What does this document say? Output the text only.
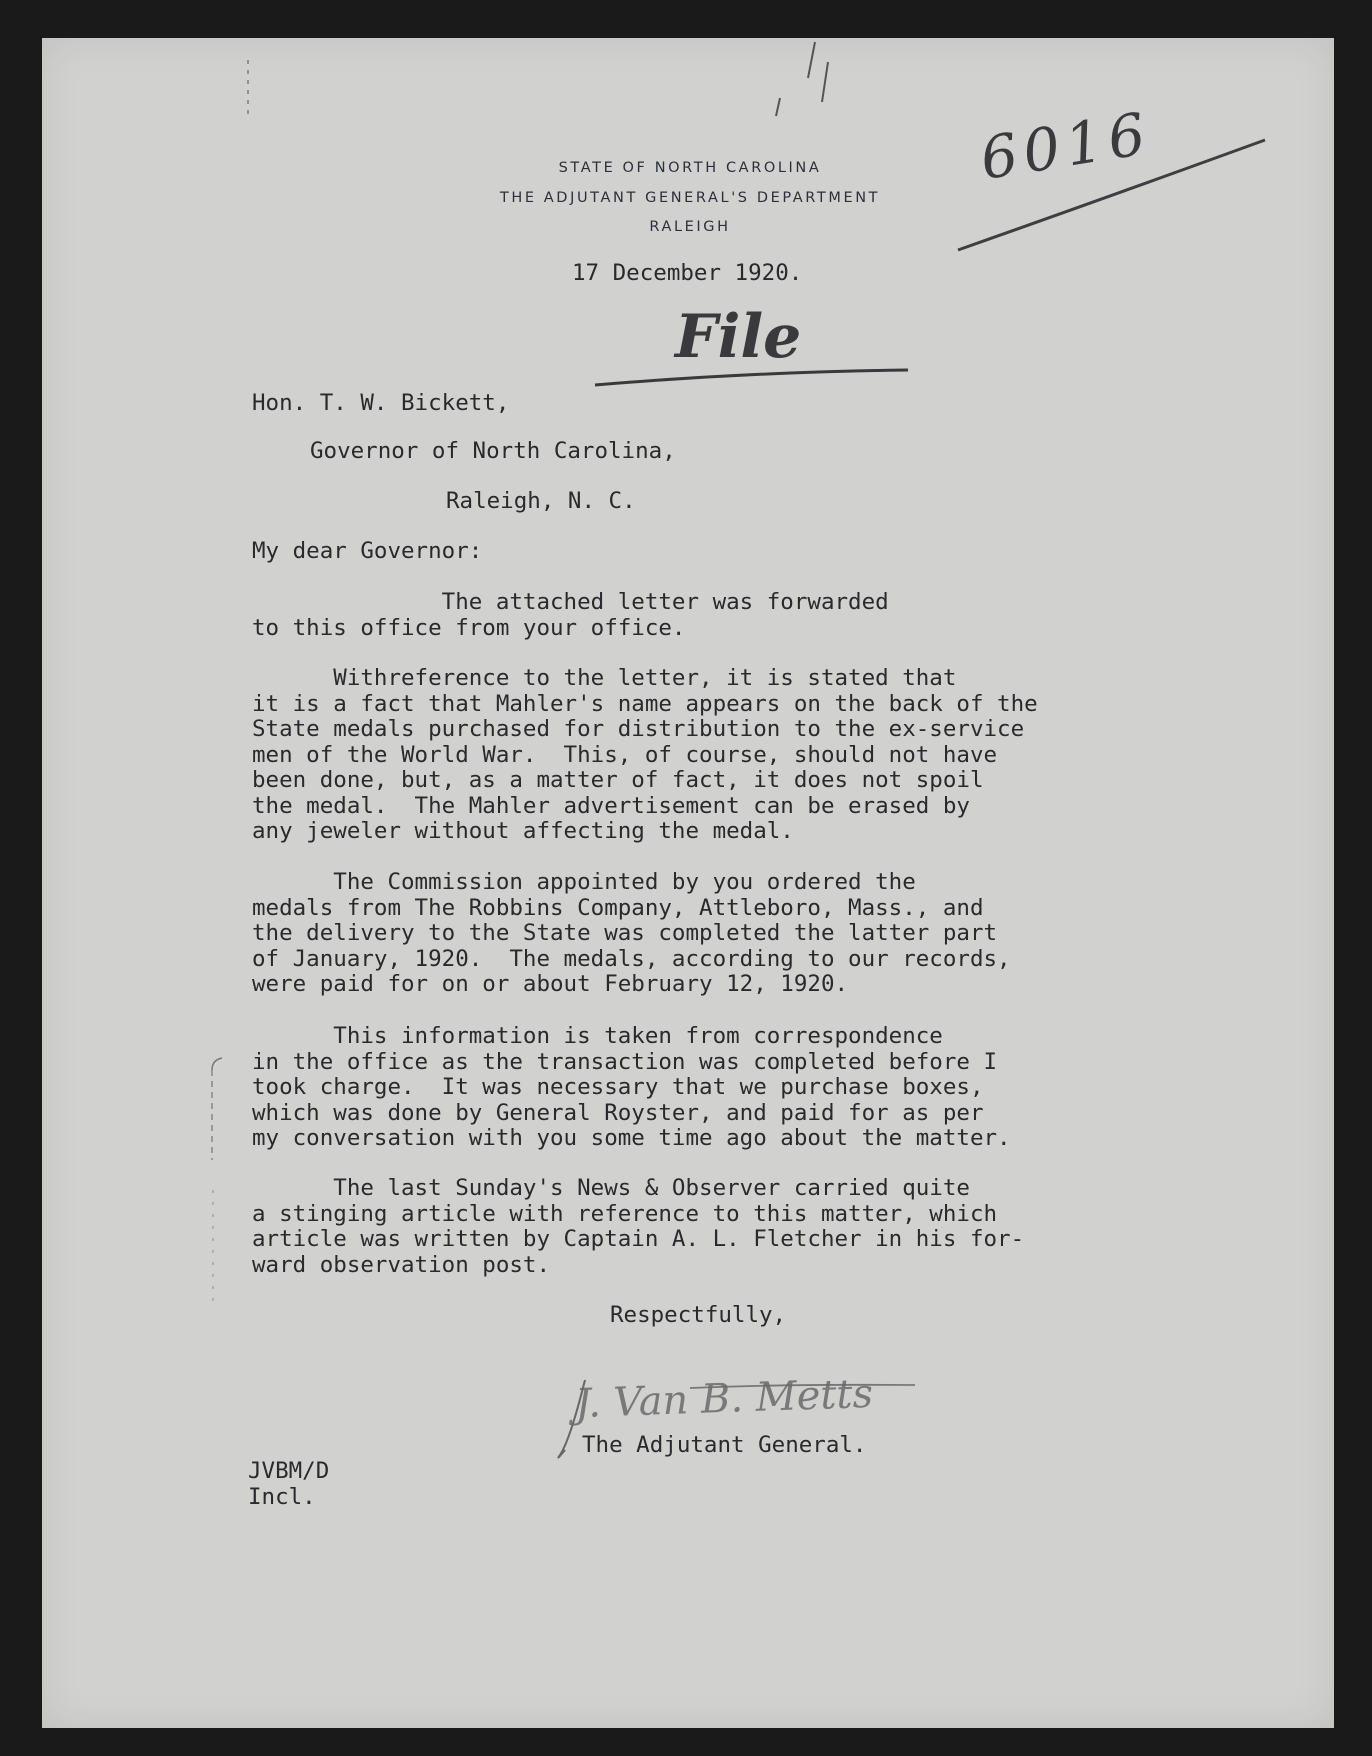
STATE OF NORTH CAROLINA
THE ADJUTANT GENERAL'S DEPARTMENT
RALEIGH
6016
File
17 December 1920.
Hon. T. W. Bickett,
Governor of North Carolina,
Raleigh, N. C.
My dear Governor:
The attached letter was forwarded
to this office from your office.
Withreference to the letter, it is stated that
it is a fact that Mahler's name appears on the back of the
State medals purchased for distribution to the ex-service
men of the World War.  This, of course, should not have
been done, but, as a matter of fact, it does not spoil
the medal.  The Mahler advertisement can be erased by
any jeweler without affecting the medal.
The Commission appointed by you ordered the
medals from The Robbins Company, Attleboro, Mass., and
the delivery to the State was completed the latter part
of January, 1920.  The medals, according to our records,
were paid for on or about February 12, 1920.
This information is taken from correspondence
in the office as the transaction was completed before I
took charge.  It was necessary that we purchase boxes,
which was done by General Royster, and paid for as per
my conversation with you some time ago about the matter.
The last Sunday's News & Observer carried quite
a stinging article with reference to this matter, which
article was written by Captain A. L. Fletcher in his for-
ward observation post.
Respectfully,
J. Van B. Metts
The Adjutant General.
JVBM/D
Incl.
